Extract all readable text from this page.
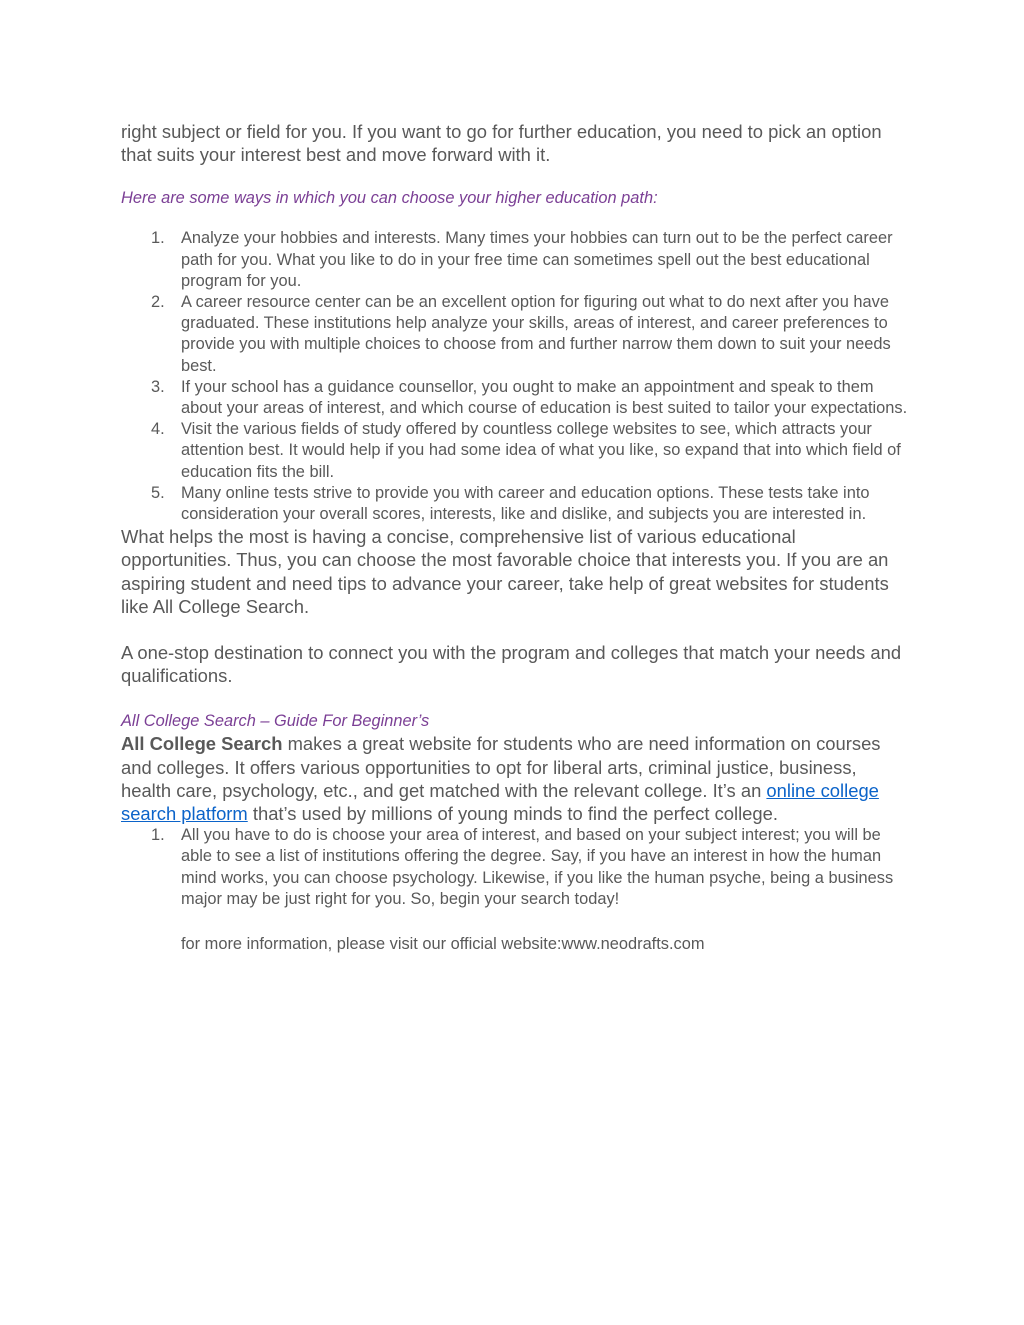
right subject or field for you. If you want to go for further education, you need to pick an option that suits your interest best and move forward with it.

Here are some ways in which you can choose your higher education path:

1. Analyze your hobbies and interests. Many times your hobbies can turn out to be the perfect career path for you. What you like to do in your free time can sometimes spell out the best educational program for you.
2. A career resource center can be an excellent option for figuring out what to do next after you have graduated. These institutions help analyze your skills, areas of interest, and career preferences to provide you with multiple choices to choose from and further narrow them down to suit your needs best.
3. If your school has a guidance counsellor, you ought to make an appointment and speak to them about your areas of interest, and which course of education is best suited to tailor your expectations.
4. Visit the various fields of study offered by countless college websites to see, which attracts your attention best. It would help if you had some idea of what you like, so expand that into which field of education fits the bill.
5. Many online tests strive to provide you with career and education options. These tests take into consideration your overall scores, interests, like and dislike, and subjects you are interested in.

What helps the most is having a concise, comprehensive list of various educational opportunities. Thus, you can choose the most favorable choice that interests you. If you are an aspiring student and need tips to advance your career, take help of great websites for students like All College Search.

A one-stop destination to connect you with the program and colleges that match your needs and qualifications.

All College Search – Guide For Beginner’s

All College Search makes a great website for students who are need information on courses and colleges. It offers various opportunities to opt for liberal arts, criminal justice, business, health care, psychology, etc., and get matched with the relevant college. It’s an online college search platform that’s used by millions of young minds to find the perfect college.

1. All you have to do is choose your area of interest, and based on your subject interest; you will be able to see a list of institutions offering the degree. Say, if you have an interest in how the human mind works, you can choose psychology. Likewise, if you like the human psyche, being a business major may be just right for you. So, begin your search today!
for more information, please visit our official website:www.neodrafts.com
